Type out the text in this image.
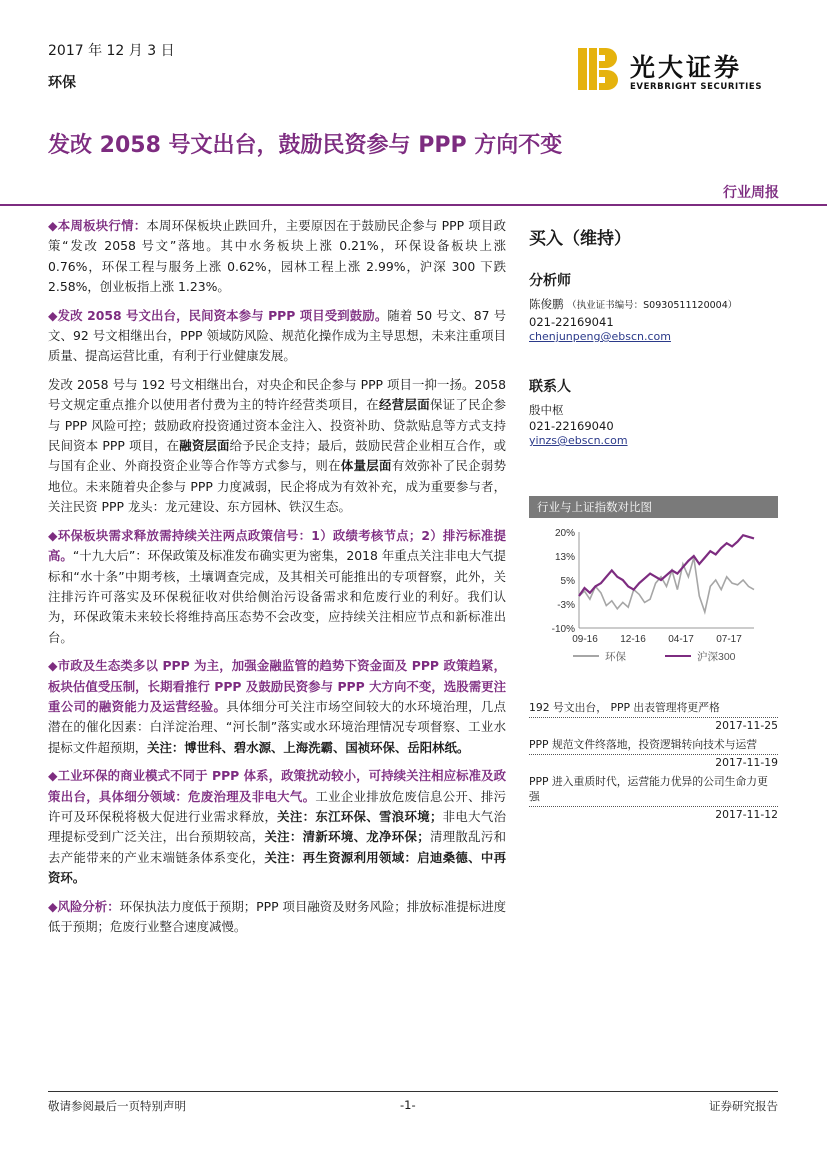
2017 年 12 月 3 日
环保
光大证券
EVERBRIGHT SECURITIES
发改 2058 号文出台，鼓励民资参与 PPP 方向不变
行业周报

◆本周板块行情：本周环保板块止跌回升，主要原因在于鼓励民企参与 PPP 项目政策“发改 2058 号文”落地。其中水务板块上涨 0.21%，环保设备板块上涨 0.76%，环保工程与服务上涨 0.62%，园林工程上涨 2.99%，沪深 300 下跌 2.58%，创业板指上涨 1.23%。

◆发改 2058 号文出台，民间资本参与 PPP 项目受到鼓励。随着 50 号文、87 号文、92 号文相继出台，PPP 领域防风险、规范化操作成为主导思想，未来注重项目质量、提高运营比重，有利于行业健康发展。

发改 2058 号与 192 号文相继出台，对央企和民企参与 PPP 项目一抑一扬。2058 号文规定重点推介以使用者付费为主的特许经营类项目，在经营层面保证了民企参与 PPP 风险可控；鼓励政府投资通过资本金注入、投资补助、贷款贴息等方式支持民间资本 PPP 项目，在融资层面给予民企支持；最后，鼓励民营企业相互合作，或与国有企业、外商投资企业等合作等方式参与，则在体量层面有效弥补了民企弱势地位。未来随着央企参与 PPP 力度减弱，民企将成为有效补充，成为重要参与者，关注民资 PPP 龙头：龙元建设、东方园林、铁汉生态。

◆环保板块需求释放需持续关注两点政策信号：1）政绩考核节点；2）排污标准提高。“十九大后”：环保政策及标准发布确实更为密集，2018 年重点关注非电大气提标和“水十条”中期考核，土壤调查完成，及其相关可能推出的专项督察，此外，关注排污许可落实及环保税征收对供给侧治污设备需求和危废行业的利好。我们认为，环保政策未来较长将维持高压态势不会改变，应持续关注相应节点和新标准出台。

◆市政及生态类多以 PPP 为主，加强金融监管的趋势下资金面及 PPP 政策趋紧，板块估值受压制，长期看推行 PPP 及鼓励民资参与 PPP 大方向不变，选股需更注重公司的融资能力及运营经验。具体细分可关注市场空间较大的水环境治理，几点潜在的催化因素：白洋淀治理、“河长制”落实或水环境治理情况专项督察、工业水提标文件超预期，关注：博世科、碧水源、上海洗霸、国祯环保、岳阳林纸。

◆工业环保的商业模式不同于 PPP 体系，政策扰动较小，可持续关注相应标准及政策出台，具体细分领域：危废治理及非电大气。工业企业排放危废信息公开、排污许可及环保税将极大促进行业需求释放，关注：东江环保、雪浪环境；非电大气治理提标受到广泛关注，出台预期较高，关注：清新环境、龙净环保；清理散乱污和去产能带来的产业末端链条体系变化，关注：再生资源利用领域：启迪桑德、中再资环。

◆风险分析：环保执法力度低于预期；PPP 项目融资及财务风险；排放标准提标进度低于预期；危废行业整合速度减慢。

买入（维持）
分析师
陈俊鹏 （执业证书编号：S0930511120004）
021-22169041
chenjunpeng@ebscn.com
联系人
殷中枢
021-22169040
yinzs@ebscn.com
行业与上证指数对比图
20%
13%
5%
-3%
-10%
09-16 12-16 04-17 07-17
环保	沪深300
192 号文出台， PPP 出表管理将更严格
2017-11-25
PPP 规范文件终落地，投资逻辑转向技术与运营
2017-11-19
PPP 进入重质时代，运营能力优异的公司生命力更强
2017-11-12
敬请参阅最后一页特别声明	-1-	证券研究报告
